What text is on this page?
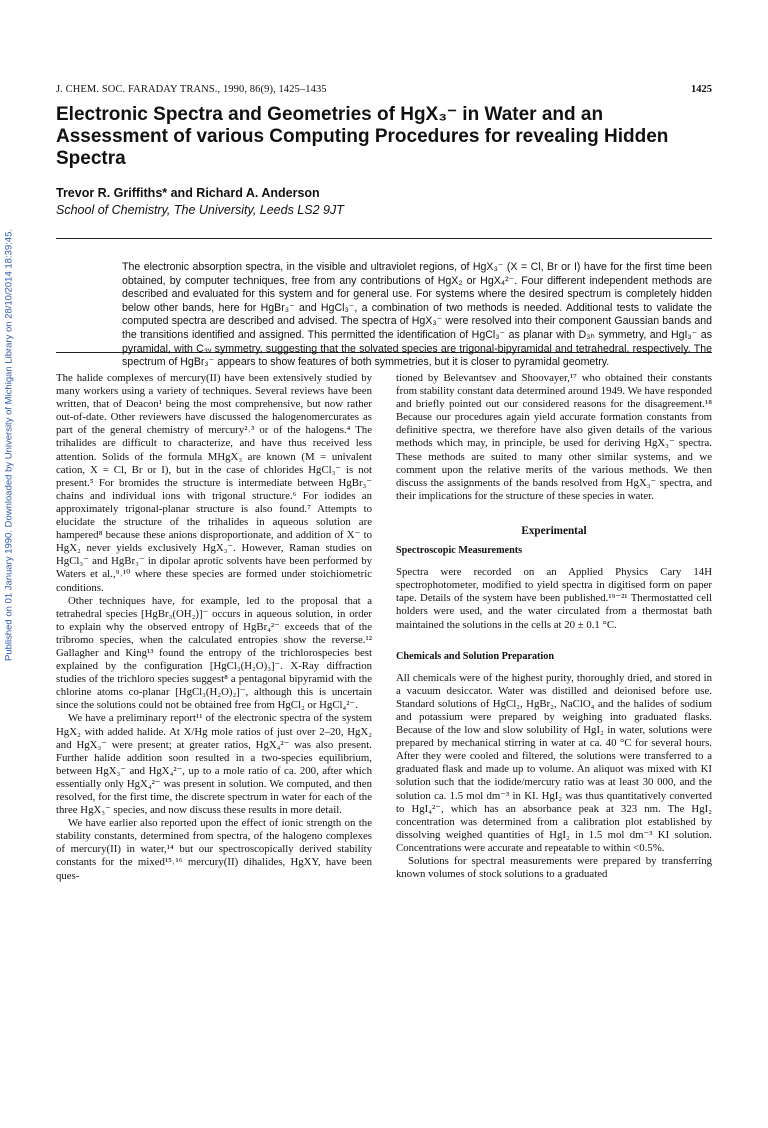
Published on 01 January 1990. Downloaded by University of Michigan Library on 28/10/2014 18:39:45.
J. CHEM. SOC. FARADAY TRANS., 1990, 86(9), 1425–1435	1425
Electronic Spectra and Geometries of HgX₃⁻ in Water and an Assessment of various Computing Procedures for revealing Hidden Spectra
Trevor R. Griffiths* and Richard A. Anderson
School of Chemistry, The University, Leeds LS2 9JT

The electronic absorption spectra, in the visible and ultraviolet regions, of HgX₃⁻ (X = Cl, Br or I) have for the first time been obtained, by computer techniques, free from any contributions of HgX₂ or HgX₄²⁻. Four different independent methods are described and evaluated for this system and for general use. For systems where the desired spectrum is completely hidden below other bands, here for HgBr₃⁻ and HgCl₃⁻, a combination of two methods is needed. Additional tests to validate the computed spectra are described and advised. The spectra of HgX₃⁻ were resolved into their component Gaussian bands and the transitions identified and assigned. This permitted the identification of HgCl₃⁻ as planar with D₃ₕ symmetry, and HgI₃⁻ as pyramidal, with C₃ᵥ symmetry, suggesting that the solvated species are trigonal-bipyramidal and tetrahedral, respectively. The spectrum of HgBr₃⁻ appears to show features of both symmetries, but it is closer to pyramidal geometry.

The halide complexes of mercury(II) have been extensively studied by many workers using a variety of techniques. Several reviews have been written, that of Deacon¹ being the most comprehensive, but now rather out-of-date. Other reviewers have discussed the halogenomercurates as part of the general chemistry of mercury²˒³ or of the halogens.⁴ The trihalides are difficult to characterize, and have thus received less attention. Solids of the formula MHgX₃ are known (M = univalent cation, X = Cl, Br or I), but in the case of chlorides HgCl₃⁻ is not present.⁵ For bromides the structure is intermediate between HgBr₃⁻ chains and individual ions with trigonal structure.⁶ For iodides an approximately trigonal-planar structure is also found.⁷ Attempts to elucidate the structure of the trihalides in aqueous solution are hampered⁸ because these anions disproportionate, and addition of X⁻ to HgX₂ never yields exclusively HgX₃⁻. However, Raman studies on HgCl₃⁻ and HgBr₃⁻ in dipolar aprotic solvents have been performed by Waters et al.,⁹˒¹⁰ where these species are formed under stoichiometric conditions.

Other techniques have, for example, led to the proposal that a tetrahedral species [HgBr₃(OH₂)]⁻ occurs in aqueous solution, in order to explain why the observed entropy of HgBr₄²⁻ exceeds that of the tribromo species, when the calculated entropies show the reverse.¹² Gallagher and King¹³ found the entropy of the trichlorospecies best explained by the configuration [HgCl₃(H₂O)₃]⁻. X-Ray diffraction studies of the trichloro species suggest⁸ a pentagonal bipyramid with the chlorine atoms co-planar [HgCl₃(H₂O)₂]⁻, although this is uncertain since the solutions could not be obtained free from HgCl₂ or HgCl₄²⁻.

We have a preliminary report¹¹ of the electronic spectra of the system HgX₂ with added halide. At X/Hg mole ratios of just over 2–20, HgX₂ and HgX₃⁻ were present; at greater ratios, HgX₄²⁻ was also present. Further halide addition soon resulted in a two-species equilibrium, between HgX₃⁻ and HgX₄²⁻, up to a mole ratio of ca. 200, after which essentially only HgX₄²⁻ was present in solution. We computed, and then resolved, for the first time, the discrete spectrum in water for each of the three HgX₃⁻ species, and now discuss these results in more detail.

We have earlier also reported upon the effect of ionic strength on the stability constants, determined from spectra, of the halogeno complexes of mercury(II) in water,¹⁴ but our spectroscopically derived stability constants for the mixed¹⁵˒¹⁶ mercury(II) dihalides, HgXY, have been ques-

tioned by Belevantsev and Shoovayer,¹⁷ who obtained their constants from stability constant data determined around 1949. We have responded and briefly pointed out our considered reasons for the disagreement.¹⁸ Because our procedures again yield accurate formation constants from definitive spectra, we therefore have also given details of the various methods which may, in principle, be used for deriving HgX₃⁻ spectra. These methods are suited to many other similar systems, and we comment upon the relative merits of the various methods. We then discuss the assignments of the bands resolved from HgX₃⁻ spectra, and their implications for the structure of these species in water.

Experimental
Spectroscopic Measurements

Spectra were recorded on an Applied Physics Cary 14H spectrophotometer, modified to yield spectra in digitised form on paper tape. Details of the system have been published.¹⁹⁻²¹ Thermostatted cell holders were used, and the water circulated from a thermostat bath maintained the solutions in the cells at 20 ± 0.1 °C.

Chemicals and Solution Preparation

All chemicals were of the highest purity, thoroughly dried, and stored in a vacuum desiccator. Water was distilled and deionised before use. Standard solutions of HgCl₂, HgBr₂, NaClO₄ and the halides of sodium and potassium were prepared by weighing into graduated flasks. Because of the low and slow solubility of HgI₂ in water, solutions were prepared by mechanical stirring in water at ca. 40 °C for several hours. After they were cooled and filtered, the solutions were transferred to a graduated flask and made up to volume. An aliquot was mixed with KI solution such that the iodide/mercury ratio was at least 30 000, and the solution ca. 1.5 mol dm⁻³ in KI. HgI₂ was thus quantitatively converted to HgI₄²⁻, which has an absorbance peak at 323 nm. The HgI₂ concentration was determined from a calibration plot established by dissolving weighed quantities of HgI₂ in 1.5 mol dm⁻³ KI solution. Concentrations were accurate and repeatable to within <0.5%.

Solutions for spectral measurements were prepared by transferring known volumes of stock solutions to a graduated
